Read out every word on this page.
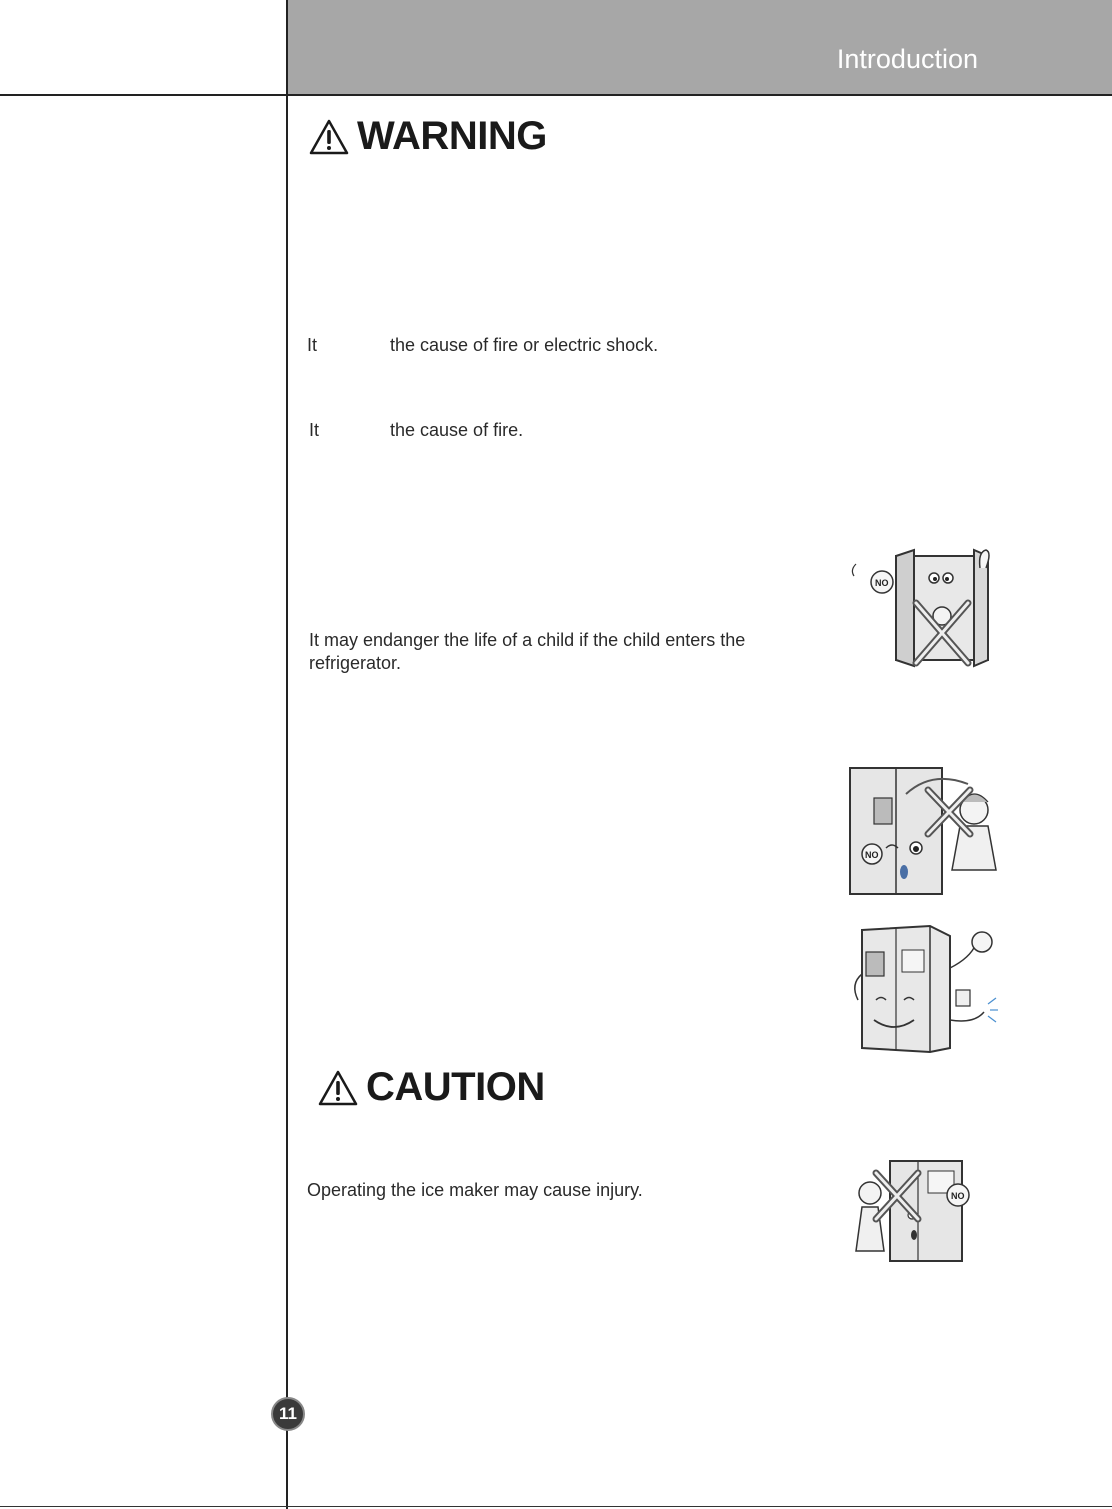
Introduction
WARNING
It	the cause of fire or electric shock.
It	the cause of fire.
It may endanger the life of a child if the child enters the refrigerator.
NO
NO
CAUTION
Operating the ice maker may cause injury.	NO
11
